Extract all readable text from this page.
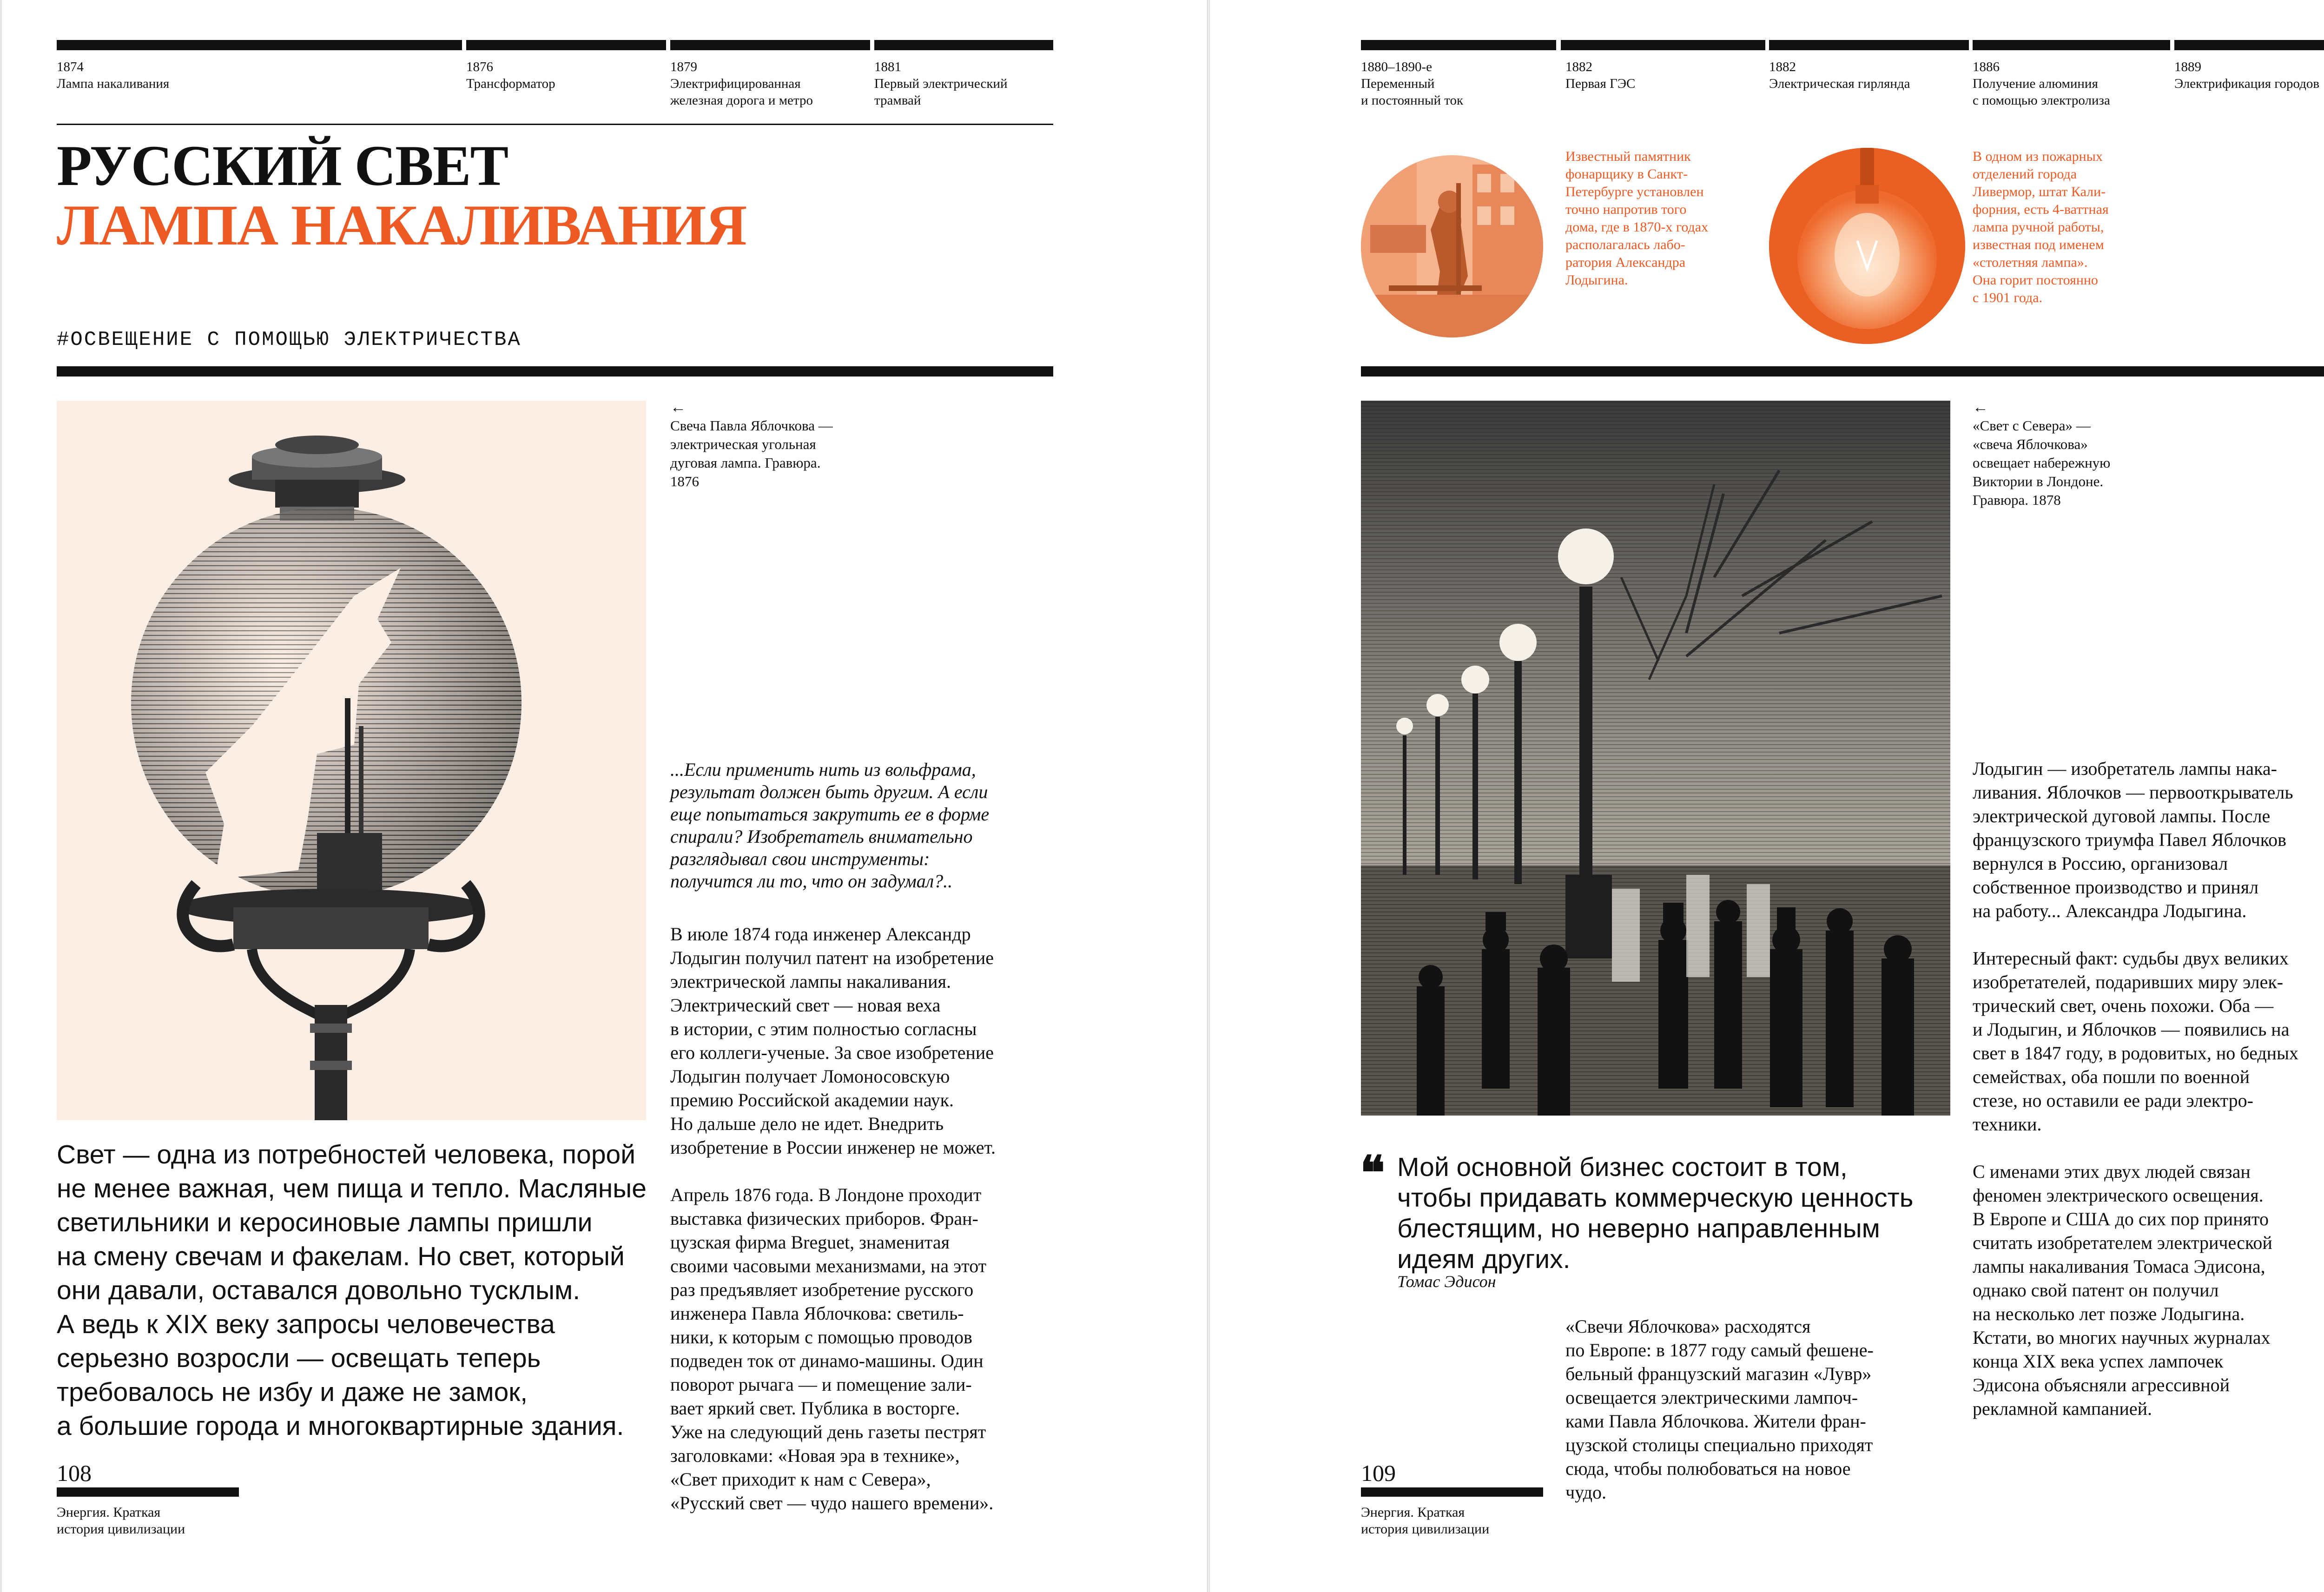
1874
Лампа накаливания
1876
Трансформатор
1879
Электрифицированная
железная дорога и метро
1881
Первый электрический
трамвай
РУССКИЙ СВЕТ
ЛАМПА НАКАЛИВАНИЯ
#ОСВЕЩЕНИЕ С ПОМОЩЬЮ ЭЛЕКТРИЧЕСТВА
←
Свеча Павла Яблочкова —
электрическая угольная
дуговая лампа. Гравюра.
1876
...Если применить нить из вольфрама,
результат должен быть другим. А если
еще попытаться закрутить ее в форме
спирали? Изобретатель внимательно
разглядывал свои инструменты:
получится ли то, что он задумал?..

В июле 1874 года инженер Александр
Лодыгин получил патент на изобретение
электрической лампы накаливания.
Электрический свет — новая веха
в истории, с этим полностью согласны
его коллеги-ученые. За свое изобретение
Лодыгин получает Ломоносовскую
премию Российской академии наук.
Но дальше дело не идет. Внедрить
изобретение в России инженер не может.

Апрель 1876 года. В Лондоне проходит
выставка физических приборов. Фран-
цузская фирма Breguet, знаменитая
своими часовыми механизмами, на этот
раз предъявляет изобретение русского
инженера Павла Яблочкова: светиль-
ники, к которым с помощью проводов
подведен ток от динамо-машины. Один
поворот рычага — и помещение зали-
вает яркий свет. Публика в восторге.
Уже на следующий день газеты пестрят
заголовками: «Новая эра в технике»,
«Свет приходит к нам с Севера»,
«Русский свет — чудо нашего времени».

Свет — одна из потребностей человека, порой
не менее важная, чем пища и тепло. Масляные
светильники и керосиновые лампы пришли
на смену свечам и факелам. Но свет, который
они давали, оставался довольно тусклым.
А ведь к XIX веку запросы человечества
серьезно возросли — освещать теперь
требовалось не избу и даже не замок,
а большие города и многоквартирные здания.
108
Энергия. Краткая
история цивилизации
1880–1890-е
Переменный
и постоянный ток
1882
Первая ГЭС
1882
Электрическая гирлянда
1886
Получение алюминия
с помощью электролиза
1889
Электрификация городов
Известный памятник
фонарщику в Санкт-
Петербурге установлен
точно напротив того
дома, где в 1870-х годах
располагалась лабо-
ратория Александра
Лодыгина.
В одном из пожарных
отделений города
Ливермор, штат Кали-
форния, есть 4-ваттная
лампа ручной работы,
известная под именем
«столетняя лампа».
Она горит постоянно
с 1901 года.
←
«Свет с Севера» —
«свеча Яблочкова»
освещает набережную
Виктории в Лондоне.
Гравюра. 1878

Лодыгин — изобретатель лампы нака-
ливания. Яблочков — первооткрыватель
электрической дуговой лампы. После
французского триумфа Павел Яблочков
вернулся в Россию, организовал
собственное производство и принял
на работу... Александра Лодыгина.

Интересный факт: судьбы двух великих
изобретателей, подаривших миру элек-
трический свет, очень похожи. Оба —
и Лодыгин, и Яблочков — появились на
свет в 1847 году, в родовитых, но бедных
семействах, оба пошли по военной
стезе, но оставили ее ради электро-
техники.

С именами этих двух людей связан
феномен электрического освещения.
В Европе и США до сих пор принято
считать изобретателем электрической
лампы накаливания Томаса Эдисона,
однако свой патент он получил
на несколько лет позже Лодыгина.
Кстати, во многих научных журналах
конца XIX века успех лампочек
Эдисона объясняли агрессивной
рекламной кампанией.

❝ Мой основной бизнес состоит в том,
чтобы придавать коммерческую ценность
блестящим, но неверно направленным
идеям других.
Томас Эдисон

«Свечи Яблочкова» расходятся
по Европе: в 1877 году самый фешене-
бельный французский магазин «Лувр»
освещается электрическими лампоч-
ками Павла Яблочкова. Жители фран-
цузской столицы специально приходят
сюда, чтобы полюбоваться на новое
чудо.

109
Энергия. Краткая
история цивилизации
